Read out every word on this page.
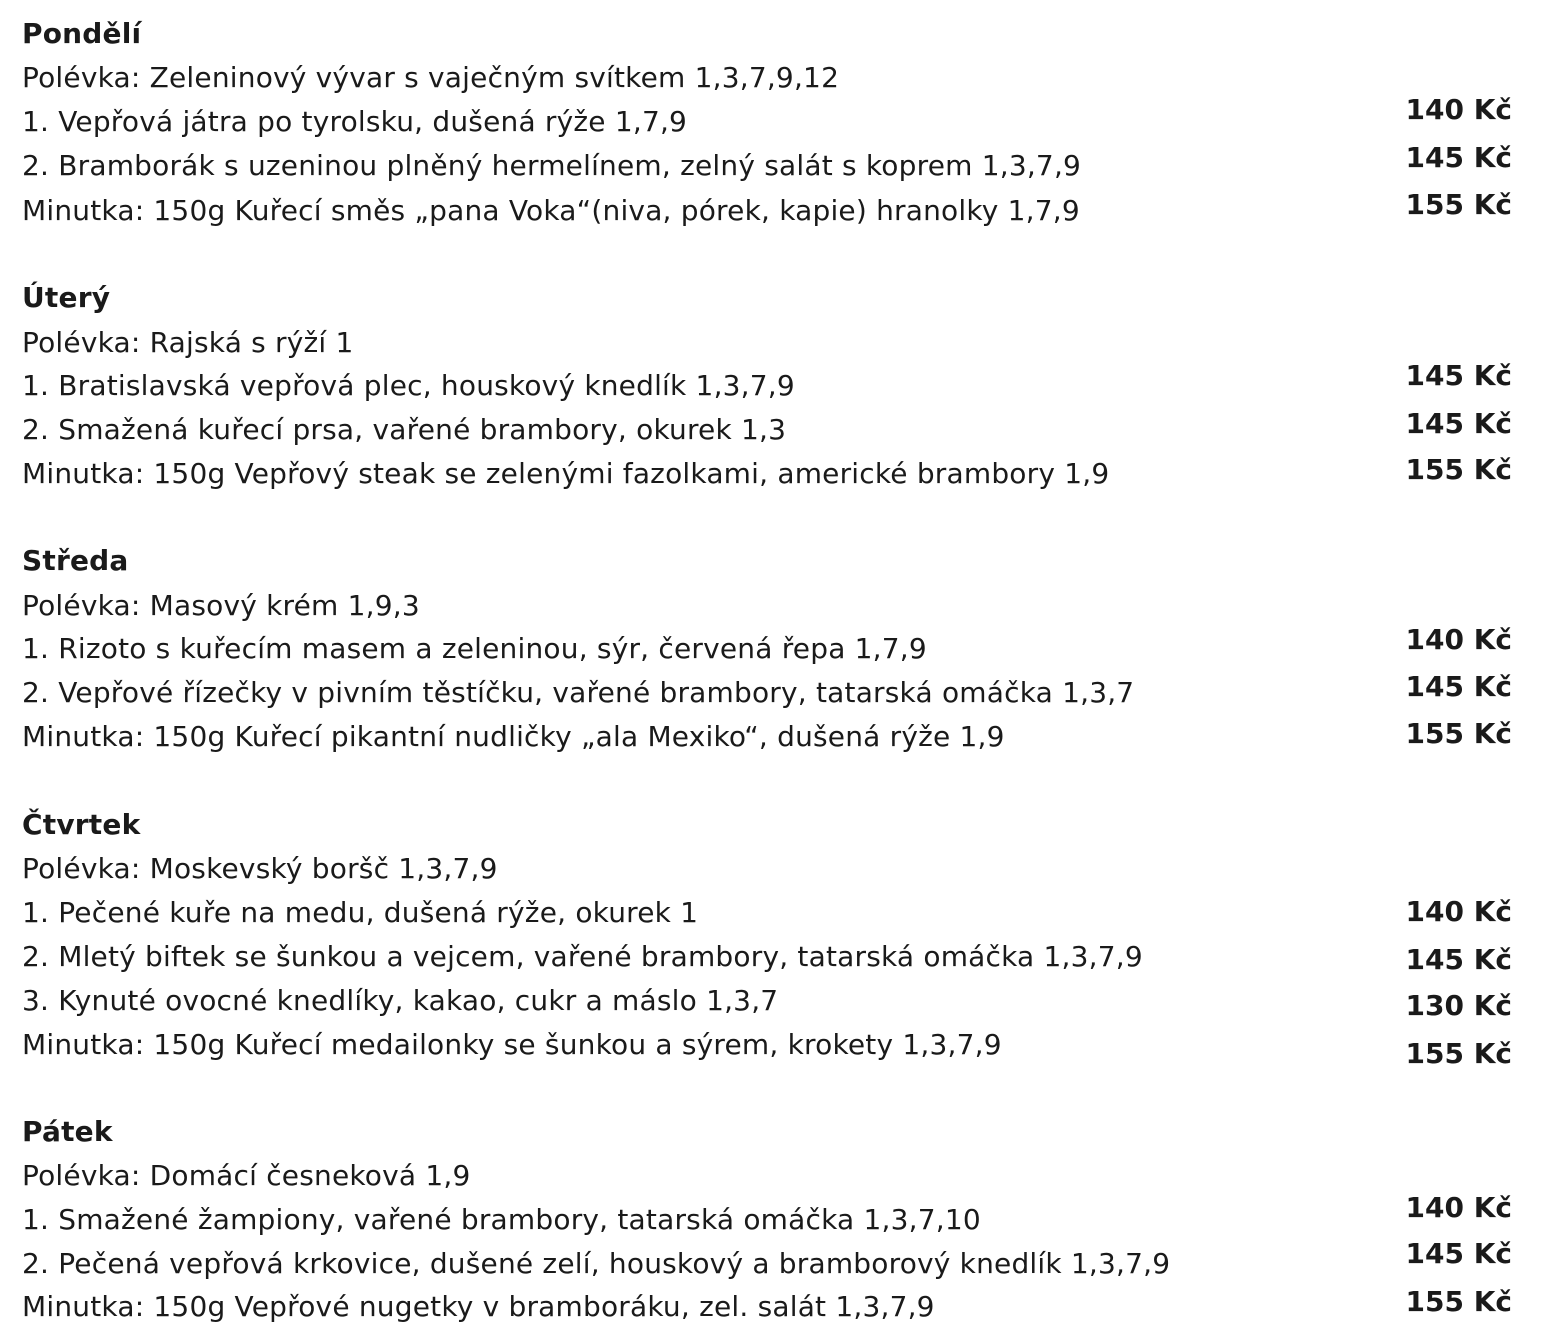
Pondělí
Polévka: Zeleninový vývar s vaječným svítkem 1,3,7,9,12
1. Vepřová játra po tyrolsku, dušená rýže 1,7,9	140 Kč
2. Bramborák s uzeninou plněný hermelínem, zelný salát s koprem 1,3,7,9	145 Kč
Minutka: 150g Kuřecí směs „pana Voka“(niva, pórek, kapie) hranolky 1,7,9	155 Kč
Úterý
Polévka: Rajská s rýží 1
1. Bratislavská vepřová plec, houskový knedlík 1,3,7,9	145 Kč
2. Smažená kuřecí prsa, vařené brambory, okurek 1,3	145 Kč
Minutka: 150g Vepřový steak se zelenými fazolkami, americké brambory 1,9	155 Kč
Středa
Polévka: Masový krém 1,9,3
1. Rizoto s kuřecím masem a zeleninou, sýr, červená řepa 1,7,9	140 Kč
2. Vepřové řízečky v pivním těstíčku, vařené brambory, tatarská omáčka 1,3,7	145 Kč
Minutka: 150g Kuřecí pikantní nudličky „ala Mexiko“, dušená rýže 1,9	155 Kč
Čtvrtek
Polévka: Moskevský boršč 1,3,7,9
1. Pečené kuře na medu, dušená rýže, okurek 1	140 Kč
2. Mletý biftek se šunkou a vejcem, vařené brambory, tatarská omáčka 1,3,7,9	145 Kč
3. Kynuté ovocné knedlíky, kakao, cukr a máslo 1,3,7	130 Kč
Minutka: 150g Kuřecí medailonky se šunkou a sýrem, krokety 1,3,7,9	155 Kč
Pátek
Polévka: Domácí česneková 1,9
1. Smažené žampiony, vařené brambory, tatarská omáčka 1,3,7,10	140 Kč
2. Pečená vepřová krkovice, dušené zelí, houskový a bramborový knedlík 1,3,7,9	145 Kč
Minutka: 150g Vepřové nugetky v bramboráku, zel. salát 1,3,7,9	155 Kč
